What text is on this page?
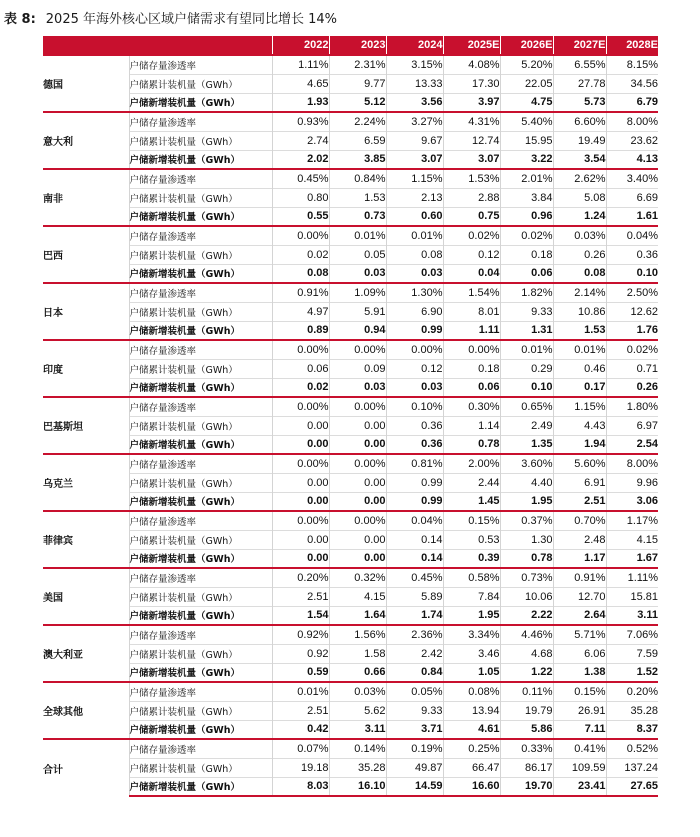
表 8: 2025 年海外核心区域户储需求有望同比增长 14%
		2022	2023	2024	2025E	2026E	2027E	2028E
德国	户储存量渗透率	1.11%	2.31%	3.15%	4.08%	5.20%	6.55%	8.15%
	户储累计装机量（GWh）	4.65	9.77	13.33	17.30	22.05	27.78	34.56
	户储新增装机量（GWh）	1.93	5.12	3.56	3.97	4.75	5.73	6.79
意大利	户储存量渗透率	0.93%	2.24%	3.27%	4.31%	5.40%	6.60%	8.00%
	户储累计装机量（GWh）	2.74	6.59	9.67	12.74	15.95	19.49	23.62
	户储新增装机量（GWh）	2.02	3.85	3.07	3.07	3.22	3.54	4.13
南非	户储存量渗透率	0.45%	0.84%	1.15%	1.53%	2.01%	2.62%	3.40%
	户储累计装机量（GWh）	0.80	1.53	2.13	2.88	3.84	5.08	6.69
	户储新增装机量（GWh）	0.55	0.73	0.60	0.75	0.96	1.24	1.61
巴西	户储存量渗透率	0.00%	0.01%	0.01%	0.02%	0.02%	0.03%	0.04%
	户储累计装机量（GWh）	0.02	0.05	0.08	0.12	0.18	0.26	0.36
	户储新增装机量（GWh）	0.08	0.03	0.03	0.04	0.06	0.08	0.10
日本	户储存量渗透率	0.91%	1.09%	1.30%	1.54%	1.82%	2.14%	2.50%
	户储累计装机量（GWh）	4.97	5.91	6.90	8.01	9.33	10.86	12.62
	户储新增装机量（GWh）	0.89	0.94	0.99	1.11	1.31	1.53	1.76
印度	户储存量渗透率	0.00%	0.00%	0.00%	0.00%	0.01%	0.01%	0.02%
	户储累计装机量（GWh）	0.06	0.09	0.12	0.18	0.29	0.46	0.71
	户储新增装机量（GWh）	0.02	0.03	0.03	0.06	0.10	0.17	0.26
巴基斯坦	户储存量渗透率	0.00%	0.00%	0.10%	0.30%	0.65%	1.15%	1.80%
	户储累计装机量（GWh）	0.00	0.00	0.36	1.14	2.49	4.43	6.97
	户储新增装机量（GWh）	0.00	0.00	0.36	0.78	1.35	1.94	2.54
乌克兰	户储存量渗透率	0.00%	0.00%	0.81%	2.00%	3.60%	5.60%	8.00%
	户储累计装机量（GWh）	0.00	0.00	0.99	2.44	4.40	6.91	9.96
	户储新增装机量（GWh）	0.00	0.00	0.99	1.45	1.95	2.51	3.06
菲律宾	户储存量渗透率	0.00%	0.00%	0.04%	0.15%	0.37%	0.70%	1.17%
	户储累计装机量（GWh）	0.00	0.00	0.14	0.53	1.30	2.48	4.15
	户储新增装机量（GWh）	0.00	0.00	0.14	0.39	0.78	1.17	1.67
美国	户储存量渗透率	0.20%	0.32%	0.45%	0.58%	0.73%	0.91%	1.11%
	户储累计装机量（GWh）	2.51	4.15	5.89	7.84	10.06	12.70	15.81
	户储新增装机量（GWh）	1.54	1.64	1.74	1.95	2.22	2.64	3.11
澳大利亚	户储存量渗透率	0.92%	1.56%	2.36%	3.34%	4.46%	5.71%	7.06%
	户储累计装机量（GWh）	0.92	1.58	2.42	3.46	4.68	6.06	7.59
	户储新增装机量（GWh）	0.59	0.66	0.84	1.05	1.22	1.38	1.52
全球其他	户储存量渗透率	0.01%	0.03%	0.05%	0.08%	0.11%	0.15%	0.20%
	户储累计装机量（GWh）	2.51	5.62	9.33	13.94	19.79	26.91	35.28
	户储新增装机量（GWh）	0.42	3.11	3.71	4.61	5.86	7.11	8.37
合计	户储存量渗透率	0.07%	0.14%	0.19%	0.25%	0.33%	0.41%	0.52%
	户储累计装机量（GWh）	19.18	35.28	49.87	66.47	86.17	109.59	137.24
	户储新增装机量（GWh）	8.03	16.10	14.59	16.60	19.70	23.41	27.65
